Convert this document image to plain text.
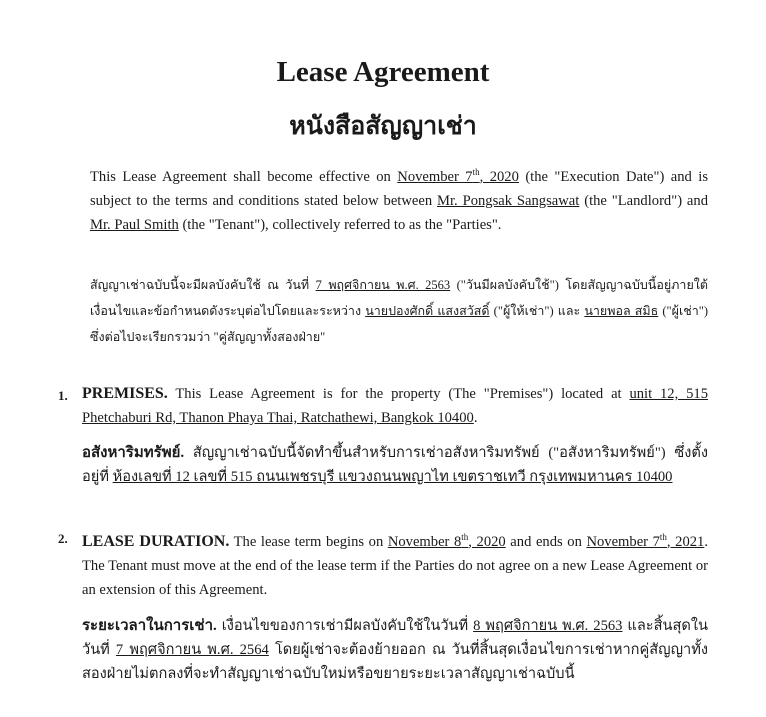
Lease Agreement
หนังสือสัญญาเช่า
This Lease Agreement shall become effective on November 7th, 2020 (the "Execution Date") and is subject to the terms and conditions stated below between Mr. Pongsak Sangsawat (the "Landlord") and Mr. Paul Smith (the "Tenant"), collectively referred to as the "Parties".
สัญญาเช่าฉบับนี้จะมีผลบังคับใช้ ณ วันที่ 7 พฤศจิกายน พ.ศ. 2563 ("วันมีผลบังคับใช้") โดยสัญญาฉบับนี้อยู่ภายใต้เงื่อนไขและข้อกำหนดดังระบุต่อไปโดยและระหว่าง นายปองศักดิ์ แสงสวัสดิ์ ("ผู้ให้เช่า") และ นายพอล สมิธ ("ผู้เช่า") ซึ่งต่อไปจะเรียกรวมว่า "คู่สัญญาทั้งสองฝ่าย"
1. PREMISES. This Lease Agreement is for the property (The "Premises") located at unit 12, 515 Phetchaburi Rd, Thanon Phaya Thai, Ratchathewi, Bangkok 10400.
อสังหาริมทรัพย์. สัญญาเช่าฉบับนี้จัดทำขึ้นสำหรับการเช่าอสังหาริมทรัพย์ ("อสังหาริมทรัพย์") ซึ่งตั้งอยู่ที่ ห้องเลขที่ 12 เลขที่ 515 ถนนเพชรบุรี แขวงถนนพญาไท เขตราชเทวี กรุงเทพมหานคร 10400
2. LEASE DURATION. The lease term begins on November 8th, 2020 and ends on November 7th, 2021. The Tenant must move at the end of the lease term if the Parties do not agree on a new Lease Agreement or an extension of this Agreement.
ระยะเวลาในการเช่า. เงื่อนไขของการเช่ามีผลบังคับใช้ในวันที่ 8 พฤศจิกายน พ.ศ. 2563 และสิ้นสุดในวันที่ 7 พฤศจิกายน พ.ศ. 2564 โดยผู้เช่าจะต้องย้ายออก ณ วันที่สิ้นสุดเงื่อนไขการเช่าหากคู่สัญญาทั้งสองฝ่ายไม่ตกลงที่จะทำสัญญาเช่าฉบับใหม่หรือขยายระยะเวลาสัญญาเช่าฉบับนี้
